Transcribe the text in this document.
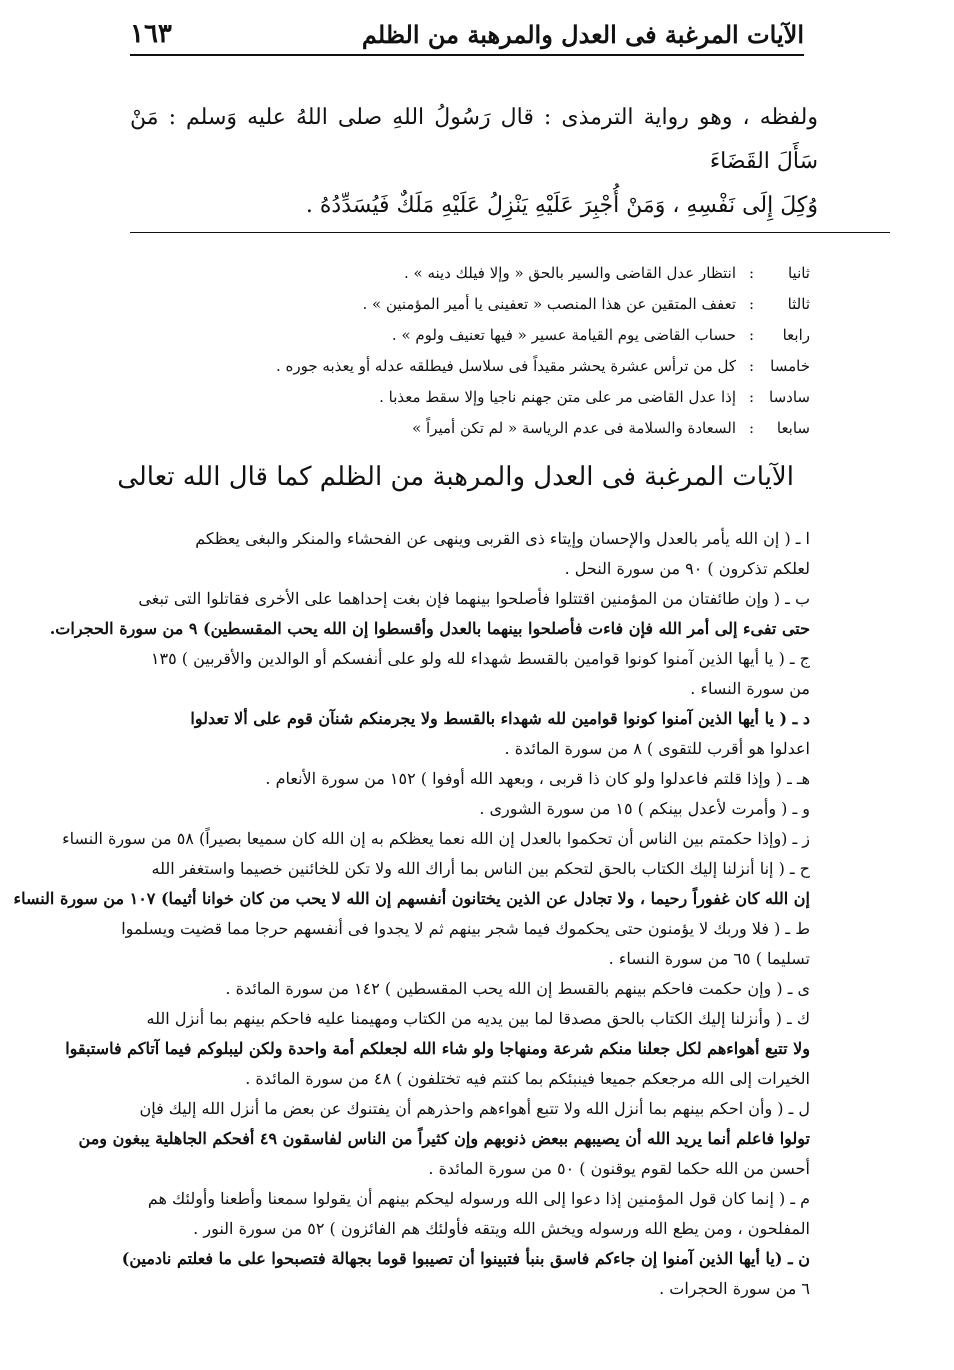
الآيات المرغبة فى العدل والمرهبة من الظلم
١٦٣

ولفظه ، وهو رواية الترمذى : قال رَسُولُ اللهِ صلى اللهُ عليه وَسلم : مَنْ سَأَلَ القَضَاءَ

وُكِلَ إِلَى نَفْسِهِ ، وَمَنْ أُجْبِرَ عَلَيْهِ يَنْزِلُ عَلَيْهِ مَلَكٌ فَيُسَدِّدُهُ .

ثانيا
:
انتظار عدل القاضى والسير بالحق « وإلا فيلك دينه » .
ثالثا
:
تعفف المتقين عن هذا المنصب « تعفينى يا أمير المؤمنين » .
رابعا
:
حساب القاضى يوم القيامة عسير « فيها تعنيف ولوم » .
خامسا
:
كل من ترأس عشرة يحشر مقيداً فى سلاسل فيطلقه عدله أو يعذبه جوره .
سادسا
:
إذا عدل القاضى مر على متن جهنم ناجيا وإلا سقط معذبا .
سابعا
:
السعادة والسلامة فى عدم الرياسة « لم تكن أميراً »
الآيات المرغبة فى العدل والمرهبة من الظلم كما قال الله تعالى
ا ـ ( إن الله يأمر بالعدل والإحسان وإيتاء ذى القربى وينهى عن الفحشاء والمنكر والبغى يعظكم
لعلكم تذكرون ) ٩٠ من سورة النحل .
ب ـ ( وإن طائفتان من المؤمنين اقتتلوا فأصلحوا بينهما فإن بغت إحداهما على الأخرى فقاتلوا التى تبغى
حتى تفىء إلى أمر الله فإن فاءت فأصلحوا بينهما بالعدل وأقسطوا إن الله يحب المقسطين) ٩ من سورة الحجرات.
ج ـ ( يا أيها الذين آمنوا كونوا قوامين بالقسط شهداء لله ولو على أنفسكم أو الوالدين والأقربين ) ١٣٥
من سورة النساء .
د ـ ( يا أيها الذين آمنوا كونوا قوامين لله شهداء بالقسط ولا يجرمنكم شنآن قوم على ألا تعدلوا
اعدلوا هو أقرب للتقوى ) ٨ من سورة المائدة .
هـ ـ ( وإذا قلتم فاعدلوا ولو كان ذا قربى ، وبعهد الله أوفوا ) ١٥٢ من سورة الأنعام .
و ـ ( وأمرت لأعدل بينكم ) ١٥ من سورة الشورى .
ز ـ (وإذا حكمتم بين الناس أن تحكموا بالعدل إن الله نعما يعظكم به إن الله كان سميعا بصيراً) ٥٨ من سورة النساء
ح ـ ( إنا أنزلنا إليك الكتاب بالحق لتحكم بين الناس بما أراك الله ولا تكن للخائنين خصيما واستغفر الله
إن الله كان غفوراً رحيما ، ولا تجادل عن الذين يختانون أنفسهم إن الله لا يحب من كان خوانا أثيما) ١٠٧ من سورة النساء
ط ـ ( فلا وربك لا يؤمنون حتى يحكموك فيما شجر بينهم ثم لا يجدوا فى أنفسهم حرجا مما قضيت ويسلموا
تسليما ) ٦٥ من سورة النساء .
ى ـ ( وإن حكمت فاحكم بينهم بالقسط إن الله يحب المقسطين ) ١٤٢ من سورة المائدة .
ك ـ ( وأنزلنا إليك الكتاب بالحق مصدقا لما بين يديه من الكتاب ومهيمنا عليه فاحكم بينهم بما أنزل الله
ولا تتبع أهواءهم لكل جعلنا منكم شرعة ومنهاجا ولو شاء الله لجعلكم أمة واحدة ولكن ليبلوكم فيما آتاكم فاستبقوا
الخيرات إلى الله مرجعكم جميعا فينبئكم بما كنتم فيه تختلفون ) ٤٨ من سورة المائدة .
ل ـ ( وأن احكم بينهم بما أنزل الله ولا تتبع أهواءهم واحذرهم أن يفتنوك عن بعض ما أنزل الله إليك فإن
تولوا فاعلم أنما يريد الله أن يصيبهم ببعض ذنوبهم وإن كثيراً من الناس لفاسقون ٤٩ أفحكم الجاهلية يبغون ومن
أحسن من الله حكما لقوم يوقنون ) ٥٠ من سورة المائدة .
م ـ ( إنما كان قول المؤمنين إذا دعوا إلى الله ورسوله ليحكم بينهم أن يقولوا سمعنا وأطعنا وأولئك هم
المفلحون ، ومن يطع الله ورسوله ويخش الله ويتقه فأولئك هم الفائزون ) ٥٢ من سورة النور .
ن ـ (يا أيها الذين آمنوا إن جاءكم فاسق بنبأ فتبينوا أن تصيبوا قوما بجهالة فتصبحوا على ما فعلتم نادمين)
٦ من سورة الحجرات .
